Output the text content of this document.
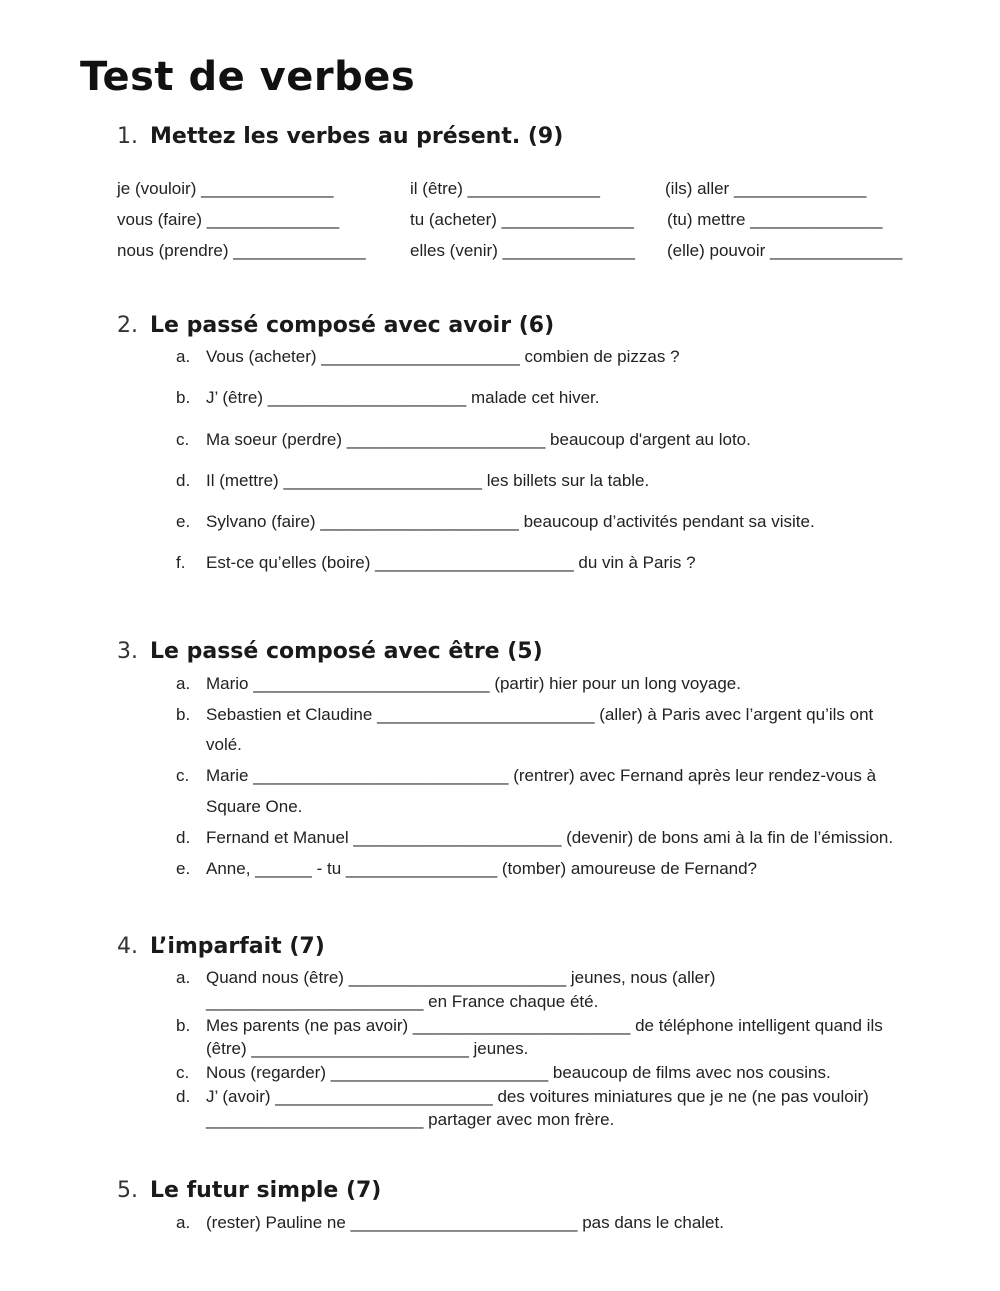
Test de verbes
1. Mettez les verbes au présent. (9)
je (vouloir) ______________
vous (faire) ______________
nous (prendre) ______________
il (être) ______________
tu (acheter) ______________
elles (venir) ______________
(ils) aller ______________
(tu) mettre ______________
(elle) pouvoir ______________
2. Le passé composé avec avoir (6)
a. Vous (acheter) _____________________ combien de pizzas ?
b. J’ (être) _____________________ malade cet hiver.
c. Ma soeur (perdre) _____________________ beaucoup d'argent au loto.
d. Il (mettre) _____________________ les billets sur la table.
e. Sylvano (faire) _____________________ beaucoup d’activités pendant sa visite.
f. Est-ce qu’elles (boire) _____________________ du vin à Paris ?
3. Le passé composé avec être (5)
a. Mario _________________________ (partir) hier pour un long voyage.
b. Sebastien et Claudine _______________________ (aller) à Paris avec l’argent qu’ils ont
volé.
c. Marie ___________________________ (rentrer) avec Fernand après leur rendez-vous à
Square One.
d. Fernand et Manuel ______________________ (devenir) de bons ami à la fin de l’émission.
e. Anne, ______ - tu ________________ (tomber) amoureuse de Fernand?
4. L’imparfait (7)
a. Quand nous (être) _______________________ jeunes, nous (aller)
_______________________ en France chaque été.
b. Mes parents (ne pas avoir) _______________________ de téléphone intelligent quand ils
(être) _______________________ jeunes.
c. Nous (regarder) _______________________ beaucoup de films avec nos cousins.
d. J’ (avoir) _______________________ des voitures miniatures que je ne (ne pas vouloir)
_______________________ partager avec mon frère.
5. Le futur simple (7)
a. (rester) Pauline ne ________________________ pas dans le chalet.
